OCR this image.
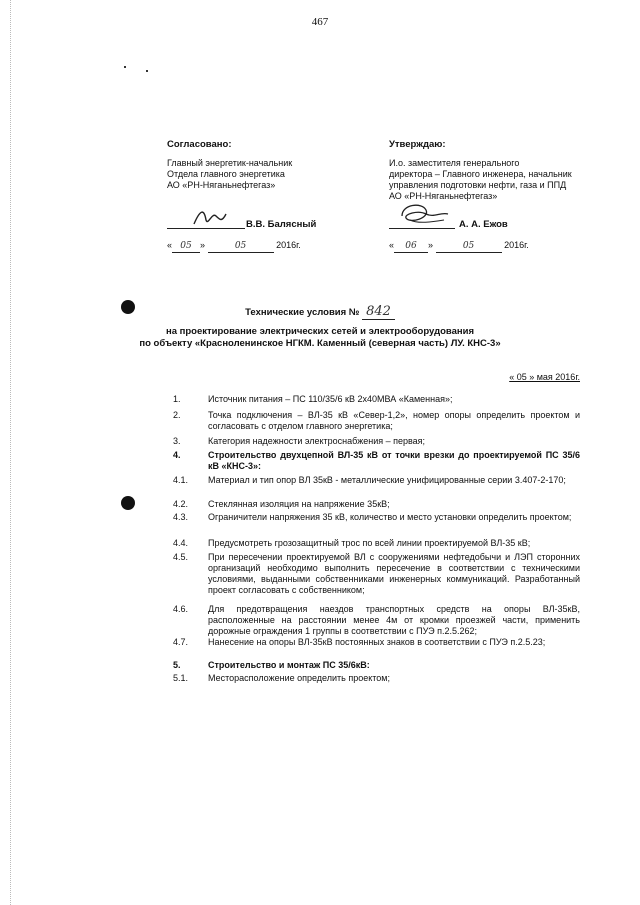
467
Согласовано:
Главный энергетик-начальник
Отдела главного энергетика
АО «РН-Няганьнефтегаз»
В.В. Балясный
« 05 »	05	2016г.
Утверждаю:
И.о. заместителя генерального
директора – Главного инженера, начальник
управления подготовки нефти, газа и ППД
АО «РН-Няганьнефтегаз»
А. А. Ежов
« 06 »	05	2016г.
Технические условия № 842
на проектирование электрических сетей и электрооборудования
по объекту «Красноленинское НГКМ. Каменный (северная часть) ЛУ. КНС-3»
« 05 » мая 2016г.
1.	Источник питания – ПС 110/35/6 кВ 2х40МВА «Каменная»;
2.	Точка подключения – ВЛ-35 кВ «Север-1,2», номер опоры определить проектом и согласовать с отделом главного энергетика;
3.	Категория надежности электроснабжения – первая;
4.	Строительство двухцепной ВЛ-35 кВ от точки врезки до проектируемой ПС 35/6 кВ «КНС-3»:
4.1. Материал и тип опор ВЛ 35кВ - металлические унифицированные серии 3.407-2-170;
4.2. Стеклянная изоляция на напряжение 35кВ;
4.3. Ограничители напряжения 35 кВ, количество и место установки определить проектом;
4.4. Предусмотреть грозозащитный трос по всей линии проектируемой ВЛ-35 кВ;
4.5. При пересечении проектируемой ВЛ с сооружениями нефтедобычи и ЛЭП сторонних организаций необходимо выполнить пересечение в соответствии с техническими условиями, выданными собственниками инженерных коммуникаций. Разработанный проект согласовать с собственником;
4.6. Для предотвращения наездов транспортных средств на опоры ВЛ-35кВ, расположенные на расстоянии менее 4м от кромки проезжей части, применить дорожные ограждения 1 группы в соответствии с ПУЭ п.2.5.262;
4.7. Нанесение на опоры ВЛ-35кВ постоянных знаков в соответствии с ПУЭ п.2.5.23;
5.	Строительство и монтаж ПС 35/6кВ:
5.1. Месторасположение определить проектом;
